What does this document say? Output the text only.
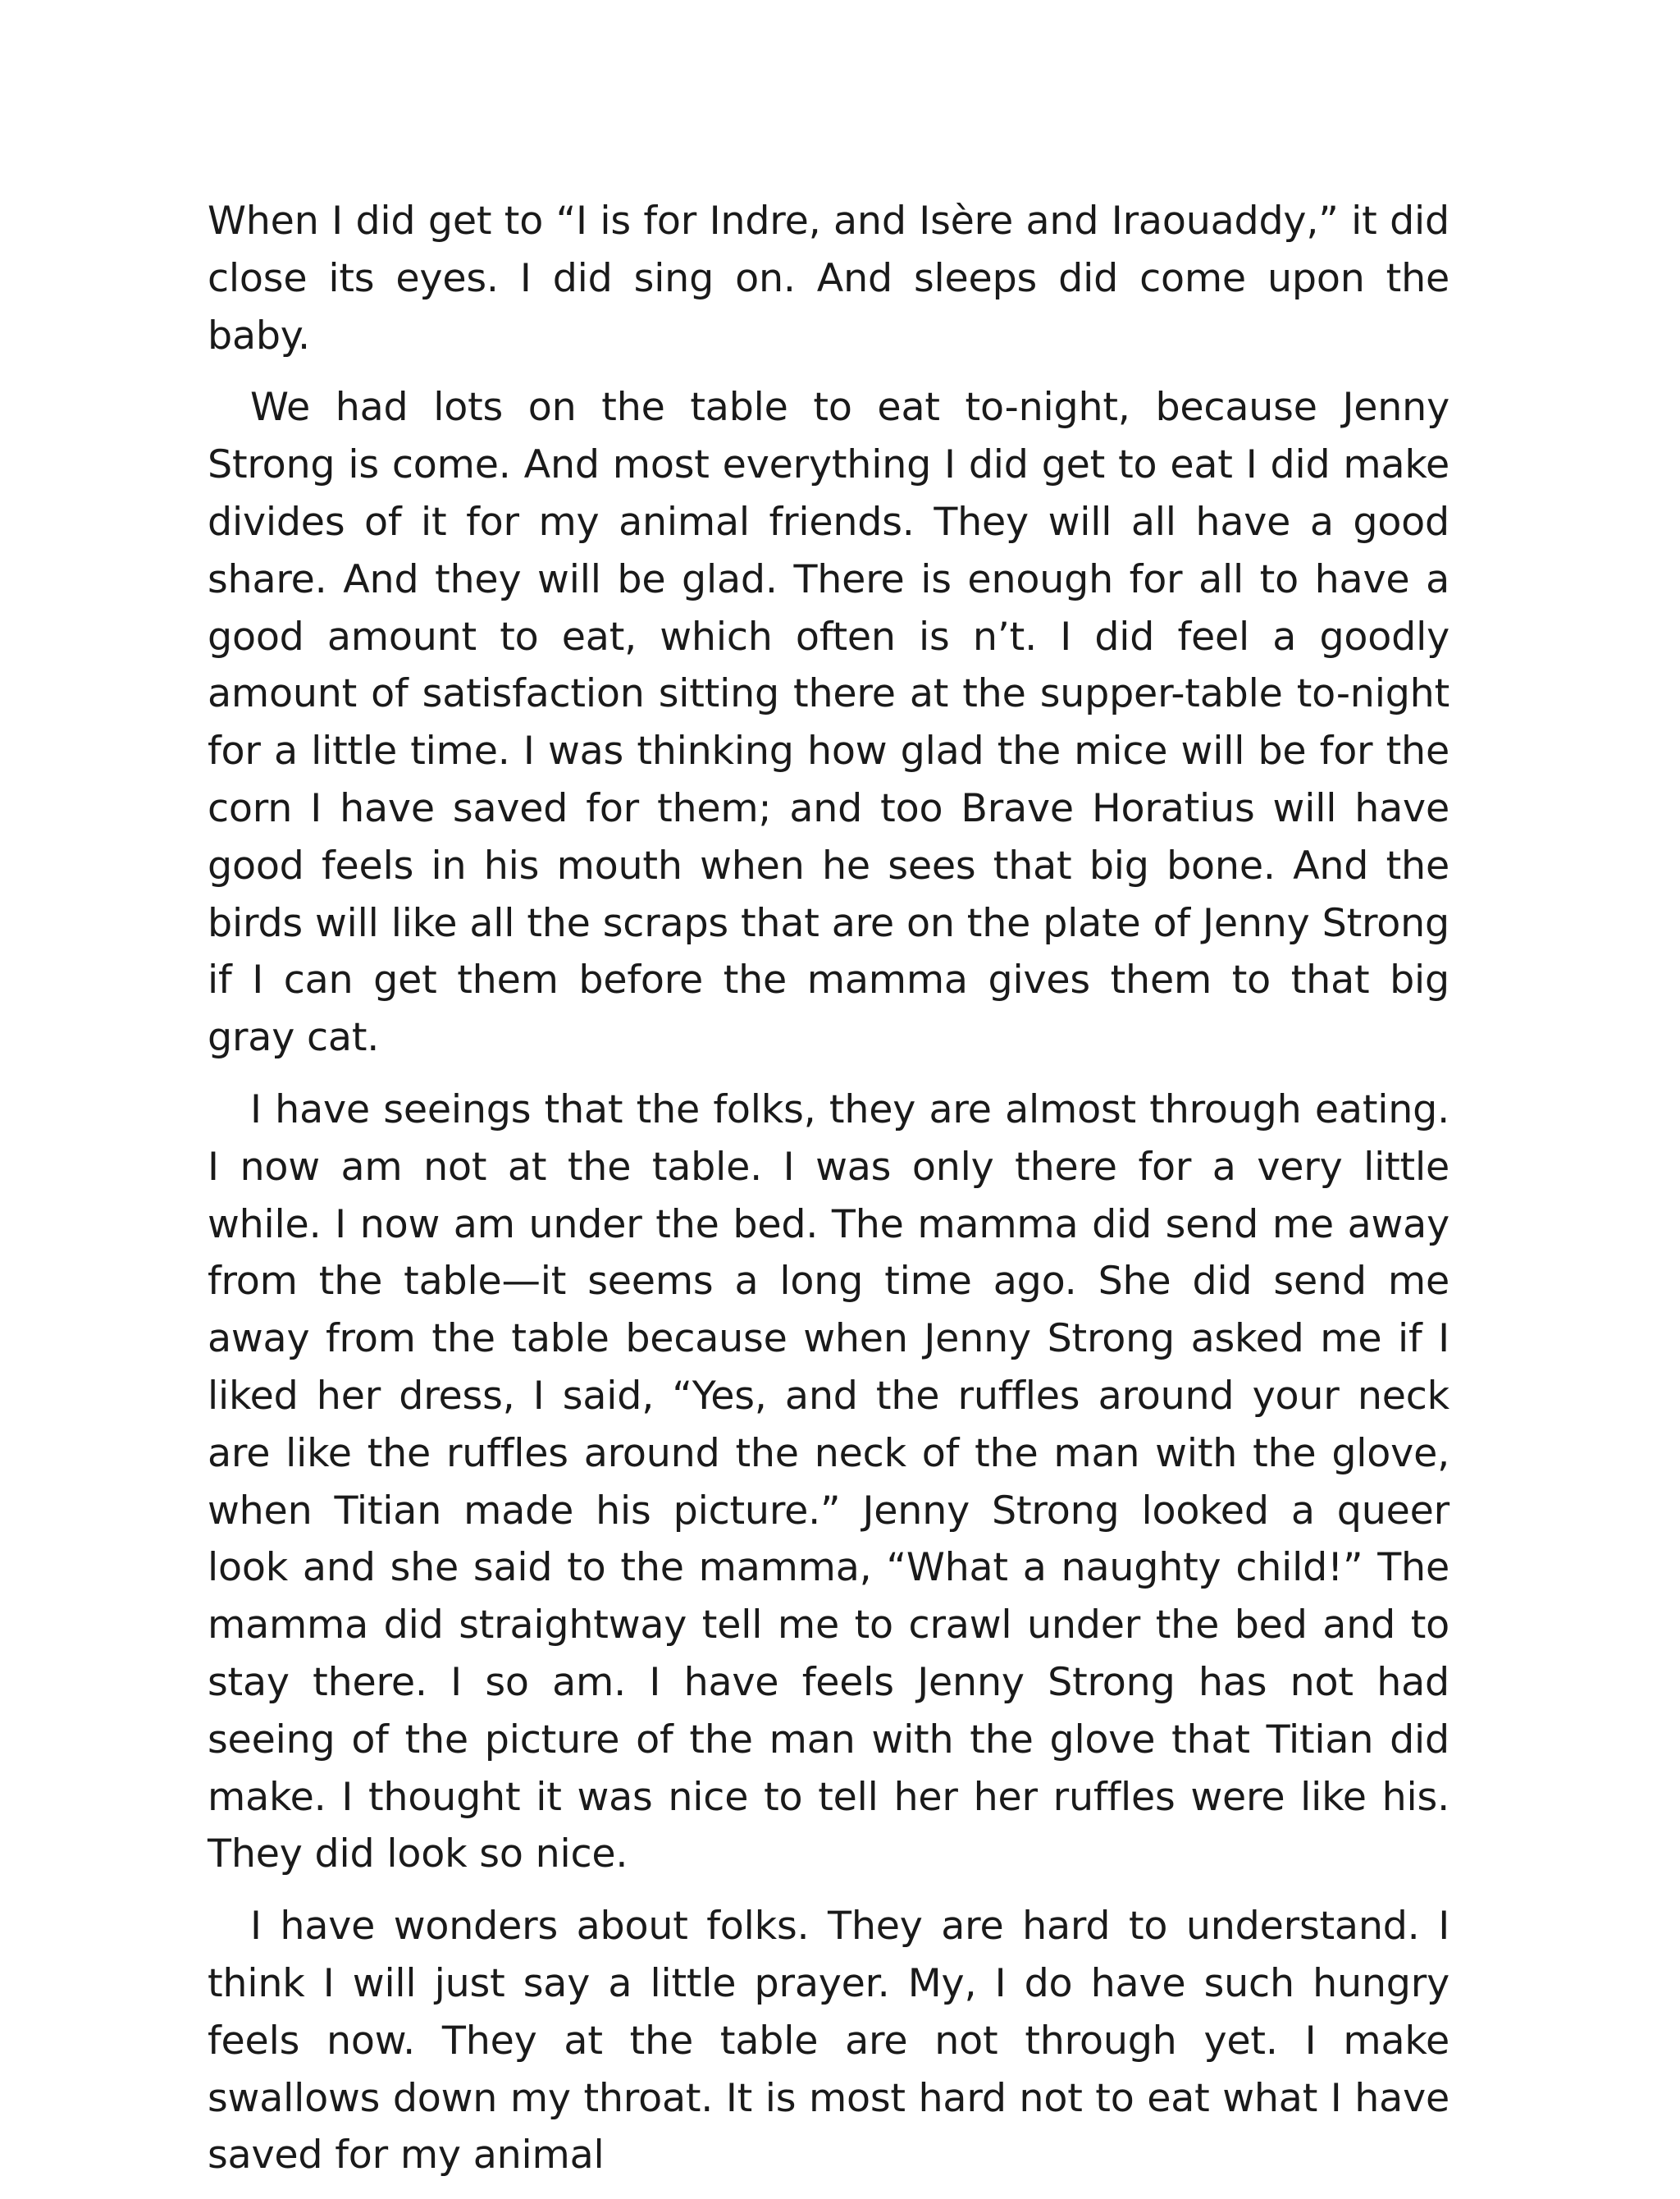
When I did get to “I is for Indre, and Isère and Iraouaddy,” it did close its eyes. I did sing on. And sleeps did come upon the baby.

We had lots on the table to eat to-night, because Jenny Strong is come. And most everything I did get to eat I did make divides of it for my animal friends. They will all have a good share. And they will be glad. There is enough for all to have a good amount to eat, which often is n’t. I did feel a goodly amount of satisfaction sitting there at the supper-table to-night for a little time. I was thinking how glad the mice will be for the corn I have saved for them; and too Brave Horatius will have good feels in his mouth when he sees that big bone. And the birds will like all the scraps that are on the plate of Jenny Strong if I can get them before the mamma gives them to that big gray cat.

I have seeings that the folks, they are almost through eating. I now am not at the table. I was only there for a very little while. I now am under the bed. The mamma did send me away from the table—it seems a long time ago. She did send me away from the table because when Jenny Strong asked me if I liked her dress, I said, “Yes, and the ruffles around your neck are like the ruffles around the neck of the man with the glove, when Titian made his picture.” Jenny Strong looked a queer look and she said to the mamma, “What a naughty child!” The mamma did straightway tell me to crawl under the bed and to stay there. I so am. I have feels Jenny Strong has not had seeing of the picture of the man with the glove that Titian did make. I thought it was nice to tell her her ruffles were like his. They did look so nice.

I have wonders about folks. They are hard to understand. I think I will just say a little prayer. My, I do have such hungry feels now. They at the table are not through yet. I make swallows down my throat. It is most hard not to eat what I have saved for my animal
